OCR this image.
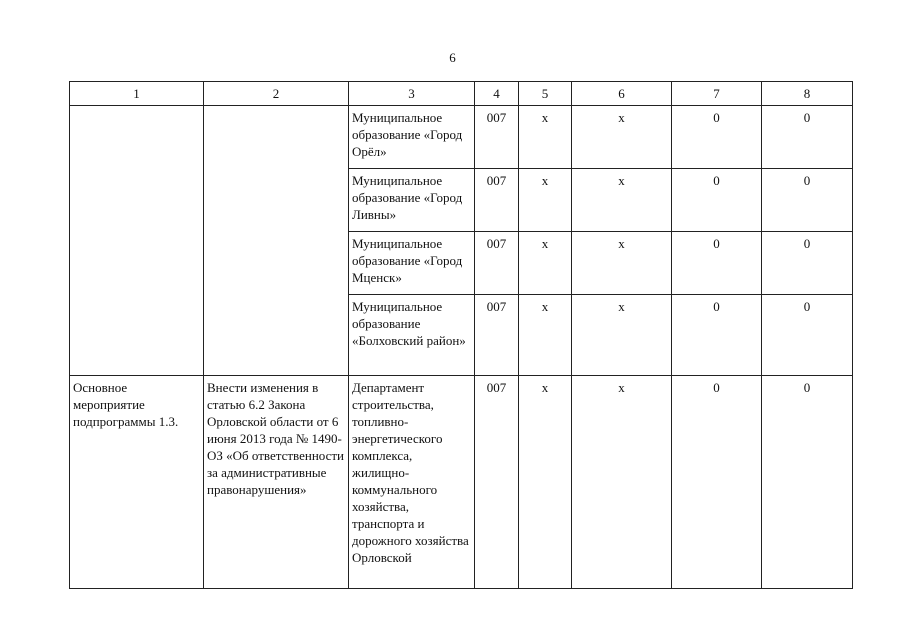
6
1	2	3	4	5	6	7	8
		Муниципальное образование «Город Орёл»	007	х	х	0	0
		Муниципальное образование «Город Ливны»	007	х	х	0	0
		Муниципальное образование «Город Мценск»	007	х	х	0	0
		Муниципальное образование «Болховский район»	007	х	х	0	0
Основное мероприятие подпрограммы 1.3.	Внести изменения в статью 6.2 Закона Орловской области от 6 июня 2013 года № 1490-ОЗ «Об ответственности за административные правонарушения»	Департамент строительства, топливно-энергетического комплекса, жилищно-коммунального хозяйства, транспорта и дорожного хозяйства Орловской	007	х	х	0	0
